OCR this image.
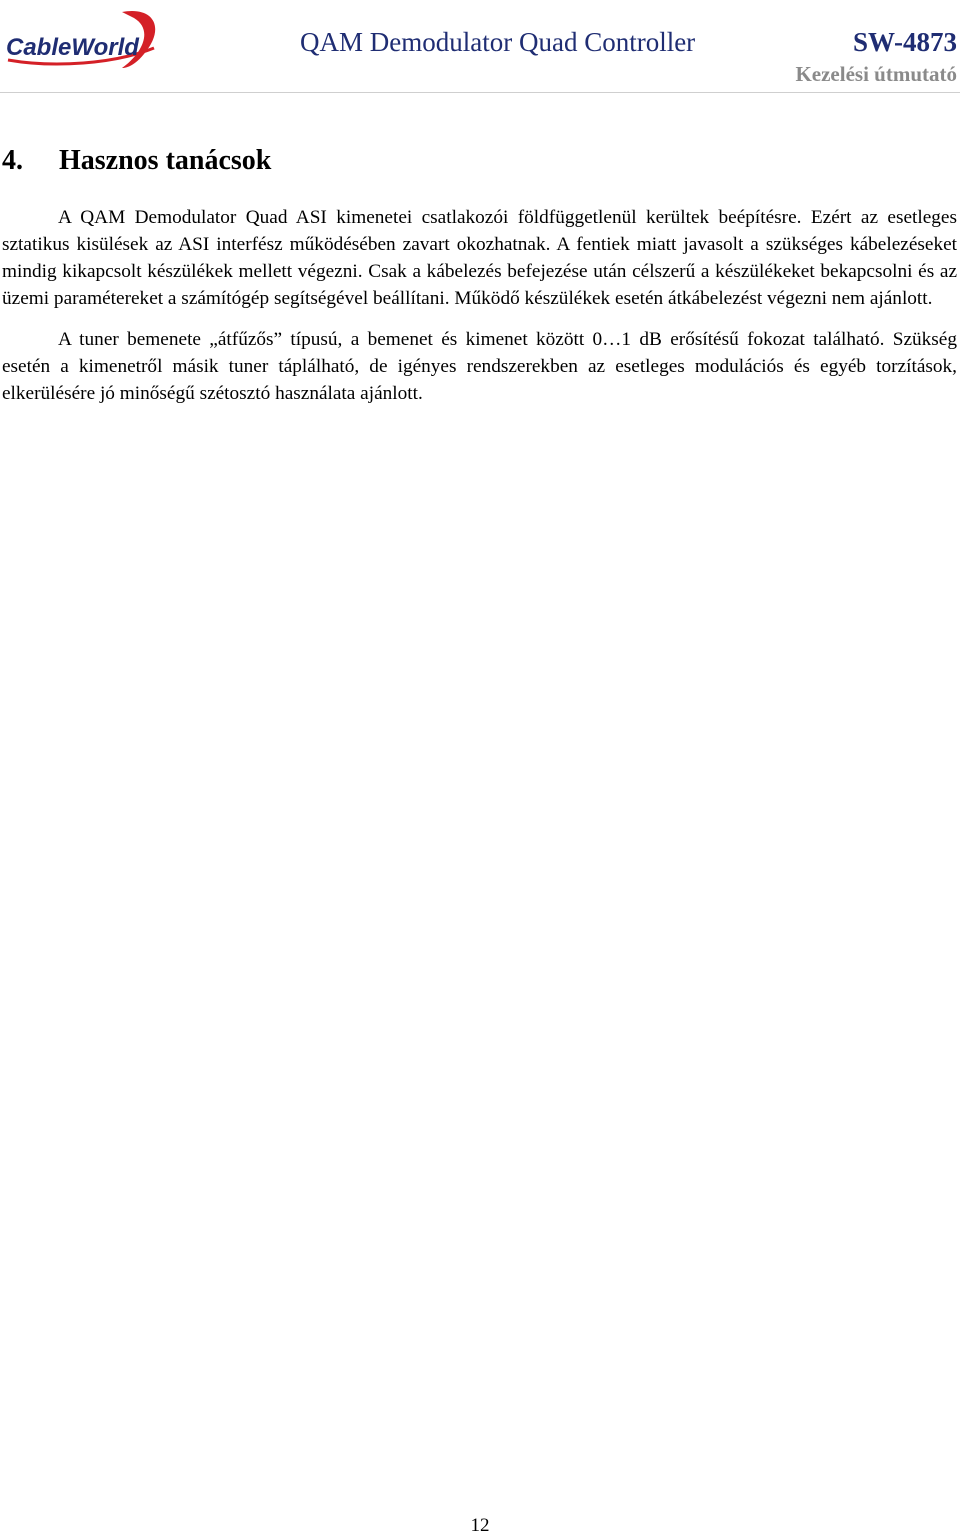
CableWorld	QAM Demodulator Quad Controller	SW-4873
Kezelési útmutató
4. Hasznos tanácsok

A QAM Demodulator Quad ASI kimenetei csatlakozói földfüggetlenül kerültek beépítésre. Ezért az esetleges sztatikus kisülések az ASI interfész működésében zavart okozhatnak. A fentiek miatt javasolt a szükséges kábelezéseket mindig kikapcsolt készülékek mellett végezni. Csak a kábelezés befejezése után célszerű a készülékeket bekapcsolni és az üzemi paramétereket a számítógép segítségével beállítani. Működő készülékek esetén átkábelezést végezni nem ajánlott.

A tuner bemenete „átfűzős” típusú, a bemenet és kimenet között 0…1 dB erősítésű fokozat található. Szükség esetén a kimenetről másik tuner táplálható, de igényes rendszerekben az esetleges modulációs és egyéb torzítások, elkerülésére jó minőségű szétosztó használata ajánlott.

12
